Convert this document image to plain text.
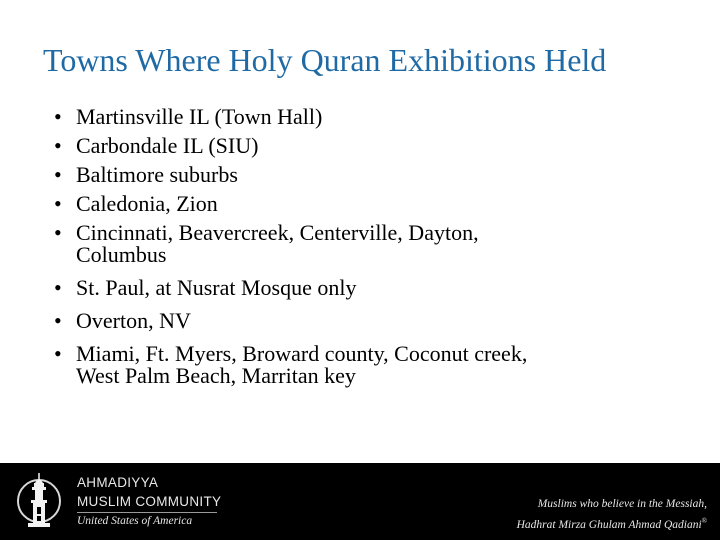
Towns Where Holy Quran Exhibitions Held
• Martinsville IL (Town Hall)
• Carbondale IL (SIU)
• Baltimore suburbs
• Caledonia, Zion
• Cincinnati, Beavercreek, Centerville, Dayton,
Columbus
• St. Paul, at Nusrat Mosque only
• Overton, NV
• Miami, Ft. Myers, Broward county, Coconut creek,
West Palm Beach, Marritan key
AHMADIYYA
MUSLIM COMMUNITY
United States of America
Muslims who believe in the Messiah,
Hadhrat Mirza Ghulam Ahmad Qadiani®
